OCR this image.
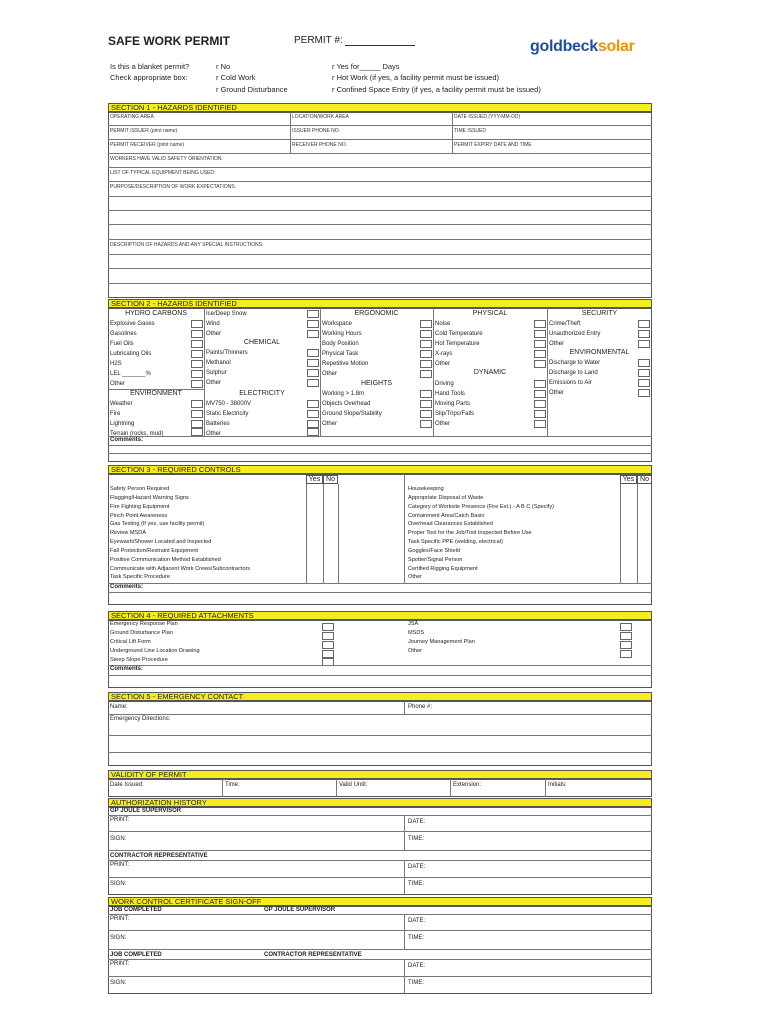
SAFE WORK PERMIT	PERMIT #:	goldbecksolar
Is this a blanket permit?
Check appropriate box:
r No
r Cold Work
r Ground Disturbance
r Yes for_____ Days
r Hot Work (if yes, a facility permit must be issued)
r Confined Space Entry (if yes, a facility permit must be issued)
SECTION 1 - HAZARDS IDENTIFIED
OPERATING AREA	LOCATION/WORK AREA	DATE ISSUED (YYY-MM-DD)
PERMIT ISSUER (print name)	ISSUER PHONE NO.	TIME ISSUED
PERMIT RECEIVER (print name)	RECEIVER PHONE NO.	PERMIT EXPIRY DATE AND TIME
WORKERS HAVE VALID SAFETY ORIENTATION:
LIST OF TYPICAL EQUIPMENT BEING USED:
PURPOSE/DESCRIPTION OF WORK EXPECTATIONS:
DESCRIPTION OF HAZARDS AND ANY SPECIAL INSTRUCTIONS:
SECTION 2 - HAZARDS IDENTIFIED
HYDRO CARBONS
Explosive Gases
Gasolines
Fuel Oils
Lubricating Oils
H2S
LEL _______%
Other
ENVIRONMENT
Weather
Fire
Lightning
Terrain (rocks, mud)
Ice/Deep Snow
Wind
Other
CHEMICAL
Paints/Thinners
Methanol
Sulphur
Other
ELECTRICITY
MV750 - 38000V
Static Electricity
Batteries
Other
ERGONOMIC
Workspace
Working Hours
Body Position
Physical Task
Repetitive Motion
Other
HEIGHTS
Working > 1.8m
Objects Overhead
Ground Slope/Stability
Other
PHYSICAL
Noise
Cold Temperature
Hot Temperature
X-rays
Other
DYNAMIC
Driving
Hand Tools
Moving Parts
Slip/Trips/Falls
Other
SECURITY
Crime/Theft
Unauthorized Entry
Other
ENVIRONMENTAL
Discharge to Water
Discharge to Land
Emissions to Air
Other
Comments:
SECTION 3 - REQUIRED CONTROLS
Yes No	Yes No
Safety Person Required
Flagging/Hazard Warning Signs
Fire Fighting Equipment
Pinch Point Awareness
Gas Testing (If yes, use facility permit)
Review MSDA
Eyewash/Shower Located and Inspected
Fall Protection/Restraint Equipment
Positive Communication Method Established
Communicate with Adjacent Work Crews/Subcontractors
Task Specific Procedure
Housekeeping
Appropriate Disposal of Waste
Category of Worksite Presence (Fire Ext.) - A B C (Specify)
Containment Area/Catch Basin
Overhead Clearances Established
Proper Tool for the Job/Tool Inspected Before Use
Task Specific PPE (welding, electrical)
Goggles/Face Shield
Spotter/Signal Person
Certified Rigging Equipment
Other
Comments:
SECTION 4 - REQUIRED ATTACHMENTS
Emergency Response Plan
Ground Disturbance Plan
Critical Lift Form
Underground Line Location Drawing
Steep Slope Procedure
JSA
MSDS
Journey Management Plan
Other
Comments:
SECTION 5 - EMERGENCY CONTACT
Name:	Phone #:
Emergency Directions:
VALIDITY OF PERMIT
Date Issued:	Time:	Valid Until:	Extension:	Initials:
AUTHORIZATION HISTORY
GP JOULE SUPERVISOR
PRINT:	DATE:
SIGN:	TIME:
CONTRACTOR REPRESENTATIVE
PRINT:	DATE:
SIGN:	TIME:
WORK CONTROL CERTIFICATE SIGN-OFF
JOB COMPLETED	GP JOULE SUPERVISOR
PRINT:	DATE:
SIGN:	TIME:
JOB COMPLETED	CONTRACTOR REPRESENTATIVE
PRINT:	DATE:
SIGN:	TIME:
